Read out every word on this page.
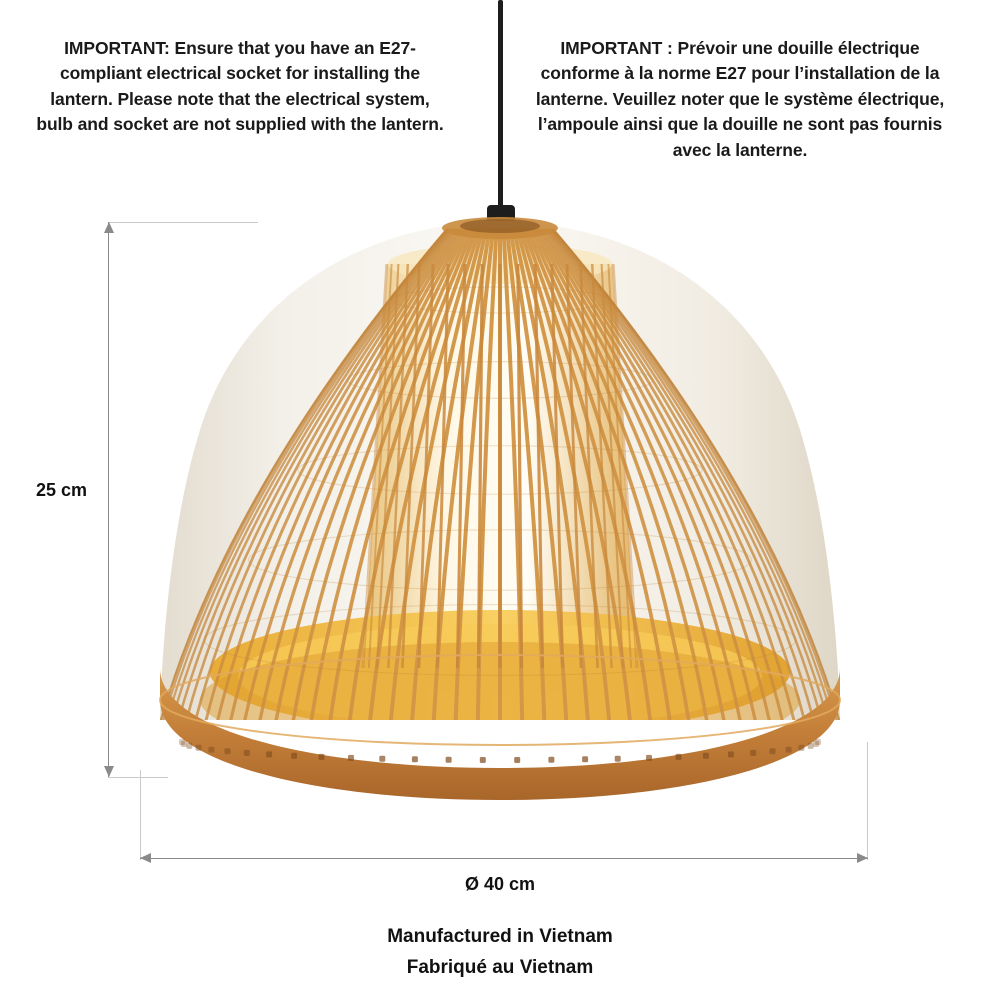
IMPORTANT: Ensure that you have an E27-compliant electrical socket for installing the lantern. Please note that the electrical system, bulb and socket are not supplied with the lantern.
IMPORTANT : Prévoir une douille électrique conforme à la norme E27 pour l’installation de la lanterne. Veuillez noter que le système électrique, l’ampoule ainsi que la douille ne sont pas fournis avec la lanterne.
25 cm
Ø 40 cm
Manufactured in Vietnam
Fabriqué au Vietnam
